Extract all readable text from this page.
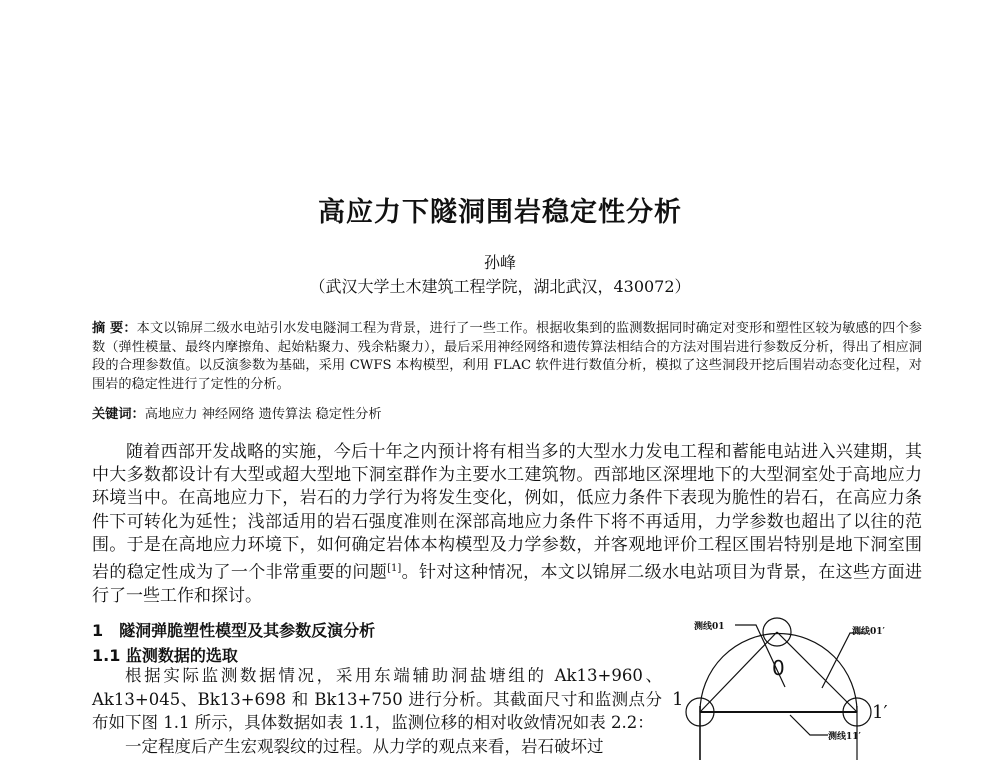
高应力下隧洞围岩稳定性分析
孙峰
（武汉大学土木建筑工程学院，湖北武汉，430072）
摘 要：本文以锦屏二级水电站引水发电隧洞工程为背景，进行了一些工作。根据收集到的监测数据同时确定对变形和塑性区较为敏感的四个参数（弹性模量、最终内摩擦角、起始粘聚力、残余粘聚力），最后采用神经网络和遗传算法相结合的方法对围岩进行参数反分析，得出了相应洞段的合理参数值。以反演参数为基础，采用 CWFS 本构模型，利用 FLAC 软件进行数值分析，模拟了这些洞段开挖后围岩动态变化过程，对围岩的稳定性进行了定性的分析。
关键词：高地应力 神经网络 遗传算法 稳定性分析

随着西部开发战略的实施，今后十年之内预计将有相当多的大型水力发电工程和蓄能电站进入兴建期，其中大多数都设计有大型或超大型地下洞室群作为主要水工建筑物。西部地区深埋地下的大型洞室处于高地应力环境当中。在高地应力下，岩石的力学行为将发生变化，例如，低应力条件下表现为脆性的岩石，在高应力条件下可转化为延性；浅部适用的岩石强度准则在深部高地应力条件下将不再适用，力学参数也超出了以往的范围。于是在高地应力环境下，如何确定岩体本构模型及力学参数，并客观地评价工程区围岩特别是地下洞室围岩的稳定性成为了一个非常重要的问题[1]。针对这种情况，本文以锦屏二级水电站项目为背景，在这些方面进行了一些工作和探讨。

1　隧洞弹脆塑性模型及其参数反演分析
1.1 监测数据的选取

根据实际监测数据情况，采用东端辅助洞盐塘组的 Ak13+960、Ak13+045、Bk13+698 和 Bk13+750 进行分析。其截面尺寸和监测点分布如下图 1.1 所示，具体数据如表 1.1，监测位移的相对收敛情况如表 2.2：

一定程度后产生宏观裂纹的过程。从力学的观点来看，岩石破坏过

0
1
1′
测线01	测线01′
测线11′
